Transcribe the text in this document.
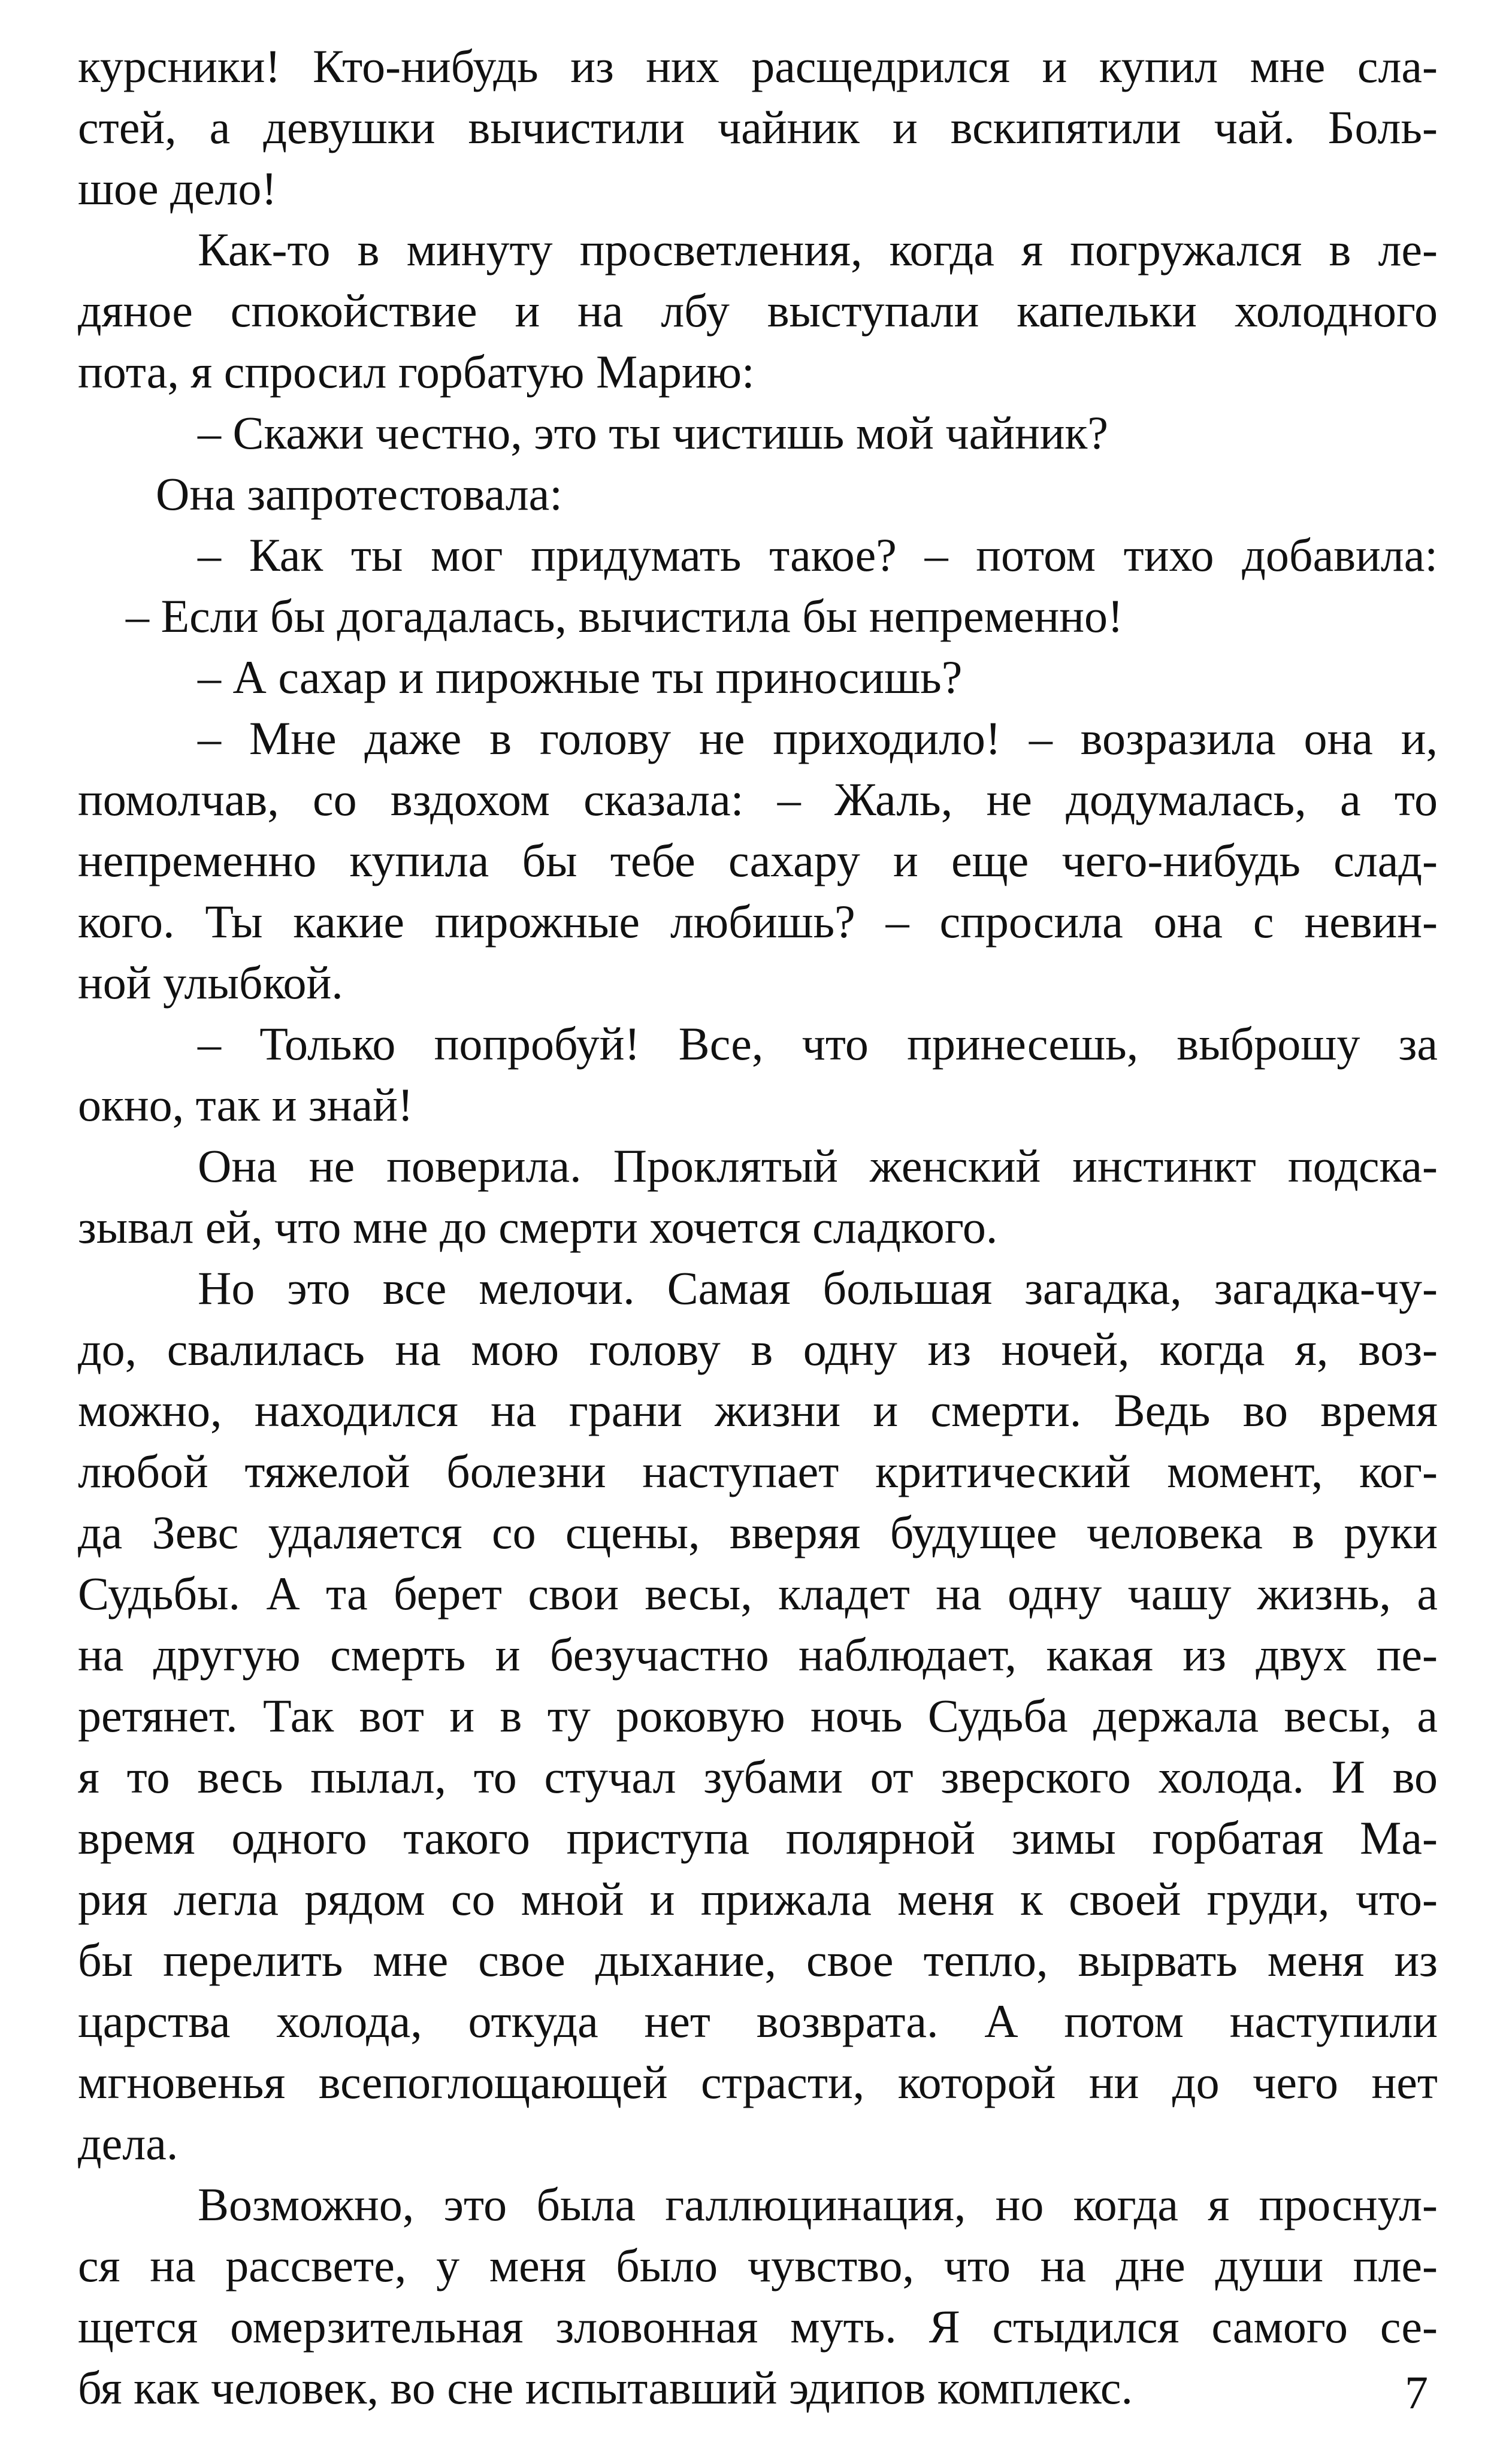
курсники! Кто-нибудь из них расщедрился и купил мне сла-
стей, а девушки вычистили чайник и вскипятили чай. Боль-
шое дело!
Как-то в минуту просветления, когда я погружался в ле-
дяное спокойствие и на лбу выступали капельки холодного
пота, я спросил горбатую Марию:
– Скажи честно, это ты чистишь мой чайник?
Она запротестовала:
– Как ты мог придумать такое? – потом тихо добавила:
– Если бы догадалась, вычистила бы непременно!
– А сахар и пирожные ты приносишь?
– Мне даже в голову не приходило! – возразила она и,
помолчав, со вздохом сказала: – Жаль, не додумалась, а то
непременно купила бы тебе сахару и еще чего-нибудь слад-
кого. Ты какие пирожные любишь? – спросила она с невин-
ной улыбкой.
– Только попробуй! Все, что принесешь, выброшу за
окно, так и знай!
Она не поверила. Проклятый женский инстинкт подска-
зывал ей, что мне до смерти хочется сладкого.
Но это все мелочи. Самая большая загадка, загадка-чу-
до, свалилась на мою голову в одну из ночей, когда я, воз-
можно, находился на грани жизни и смерти. Ведь во время
любой тяжелой болезни наступает критический момент, ког-
да Зевс удаляется со сцены, вверяя будущее человека в руки
Судьбы. А та берет свои весы, кладет на одну чашу жизнь, а
на другую смерть и безучастно наблюдает, какая из двух пе-
ретянет. Так вот и в ту роковую ночь Судьба держала весы, а
я то весь пылал, то стучал зубами от зверского холода. И во
время одного такого приступа полярной зимы горбатая Ма-
рия легла рядом со мной и прижала меня к своей груди, что-
бы перелить мне свое дыхание, свое тепло, вырвать меня из
царства холода, откуда нет возврата. А потом наступили
мгновенья всепоглощающей страсти, которой ни до чего нет
дела.
Возможно, это была галлюцинация, но когда я проснул-
ся на рассвете, у меня было чувство, что на дне души пле-
щется омерзительная зловонная муть. Я стыдился самого се-
бя как человек, во сне испытавший эдипов комплекс.	7
